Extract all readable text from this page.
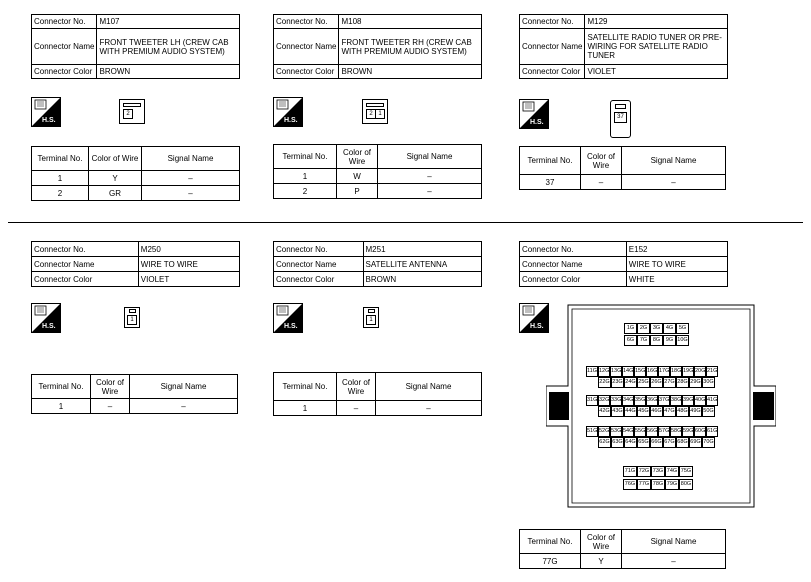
Connector No.	M107
Connector Name	FRONT TWEETER LH (CREW CAB WITH PREMIUM AUDIO SYSTEM)
Connector Color	BROWN
H.S.
2
Terminal No.	Color of Wire	Signal Name
1	Y	–
2	GR	–
Connector No.	M108
Connector Name	FRONT TWEETER RH (CREW CAB WITH PREMIUM AUDIO SYSTEM)
Connector Color	BROWN
H.S.
2 1
Terminal No.	Color of Wire	Signal Name
1	W	–
2	P	–
Connector No.	M129
Connector Name	SATELLITE RADIO TUNER OR PRE-WIRING FOR SATELLITE RADIO TUNER
Connector Color	VIOLET
H.S.
37
Terminal No.	Color of Wire	Signal Name
37	–	–
Connector No.	M250
Connector Name	WIRE TO WIRE
Connector Color	VIOLET
H.S.
1
Terminal No.	Color of Wire	Signal Name
1	–	–
Connector No.	M251
Connector Name	SATELLITE ANTENNA
Connector Color	BROWN
H.S.
1
Terminal No.	Color of Wire	Signal Name
1	–	–
Connector No.	E152
Connector Name	WIRE TO WIRE
Connector Color	WHITE
H.S.	1G	2G	3G	4G	5G
6G	7G	8G	9G 10G
11G 12G 13G 14G 15G 16G 17G 18G 19G 20G 21G
22G 23G 24G 25G 26G 27G 28G 29G 30G
31G 32G 33G 34G 35G 36G 37G 38G 39G 40G 41G
42G 43G 44G 45G 46G 47G 48G 49G 50G
51G 52G 53G 54G 55G 56G 57G 58G 59G 60G 61G
62G 63G 64G 65G 66G 67G 68G 69G 70G
71G 72G 73G 74G 75G
76G 77G 78G 79G 80G
Terminal No.	Color of Wire	Signal Name
77G	Y	–
